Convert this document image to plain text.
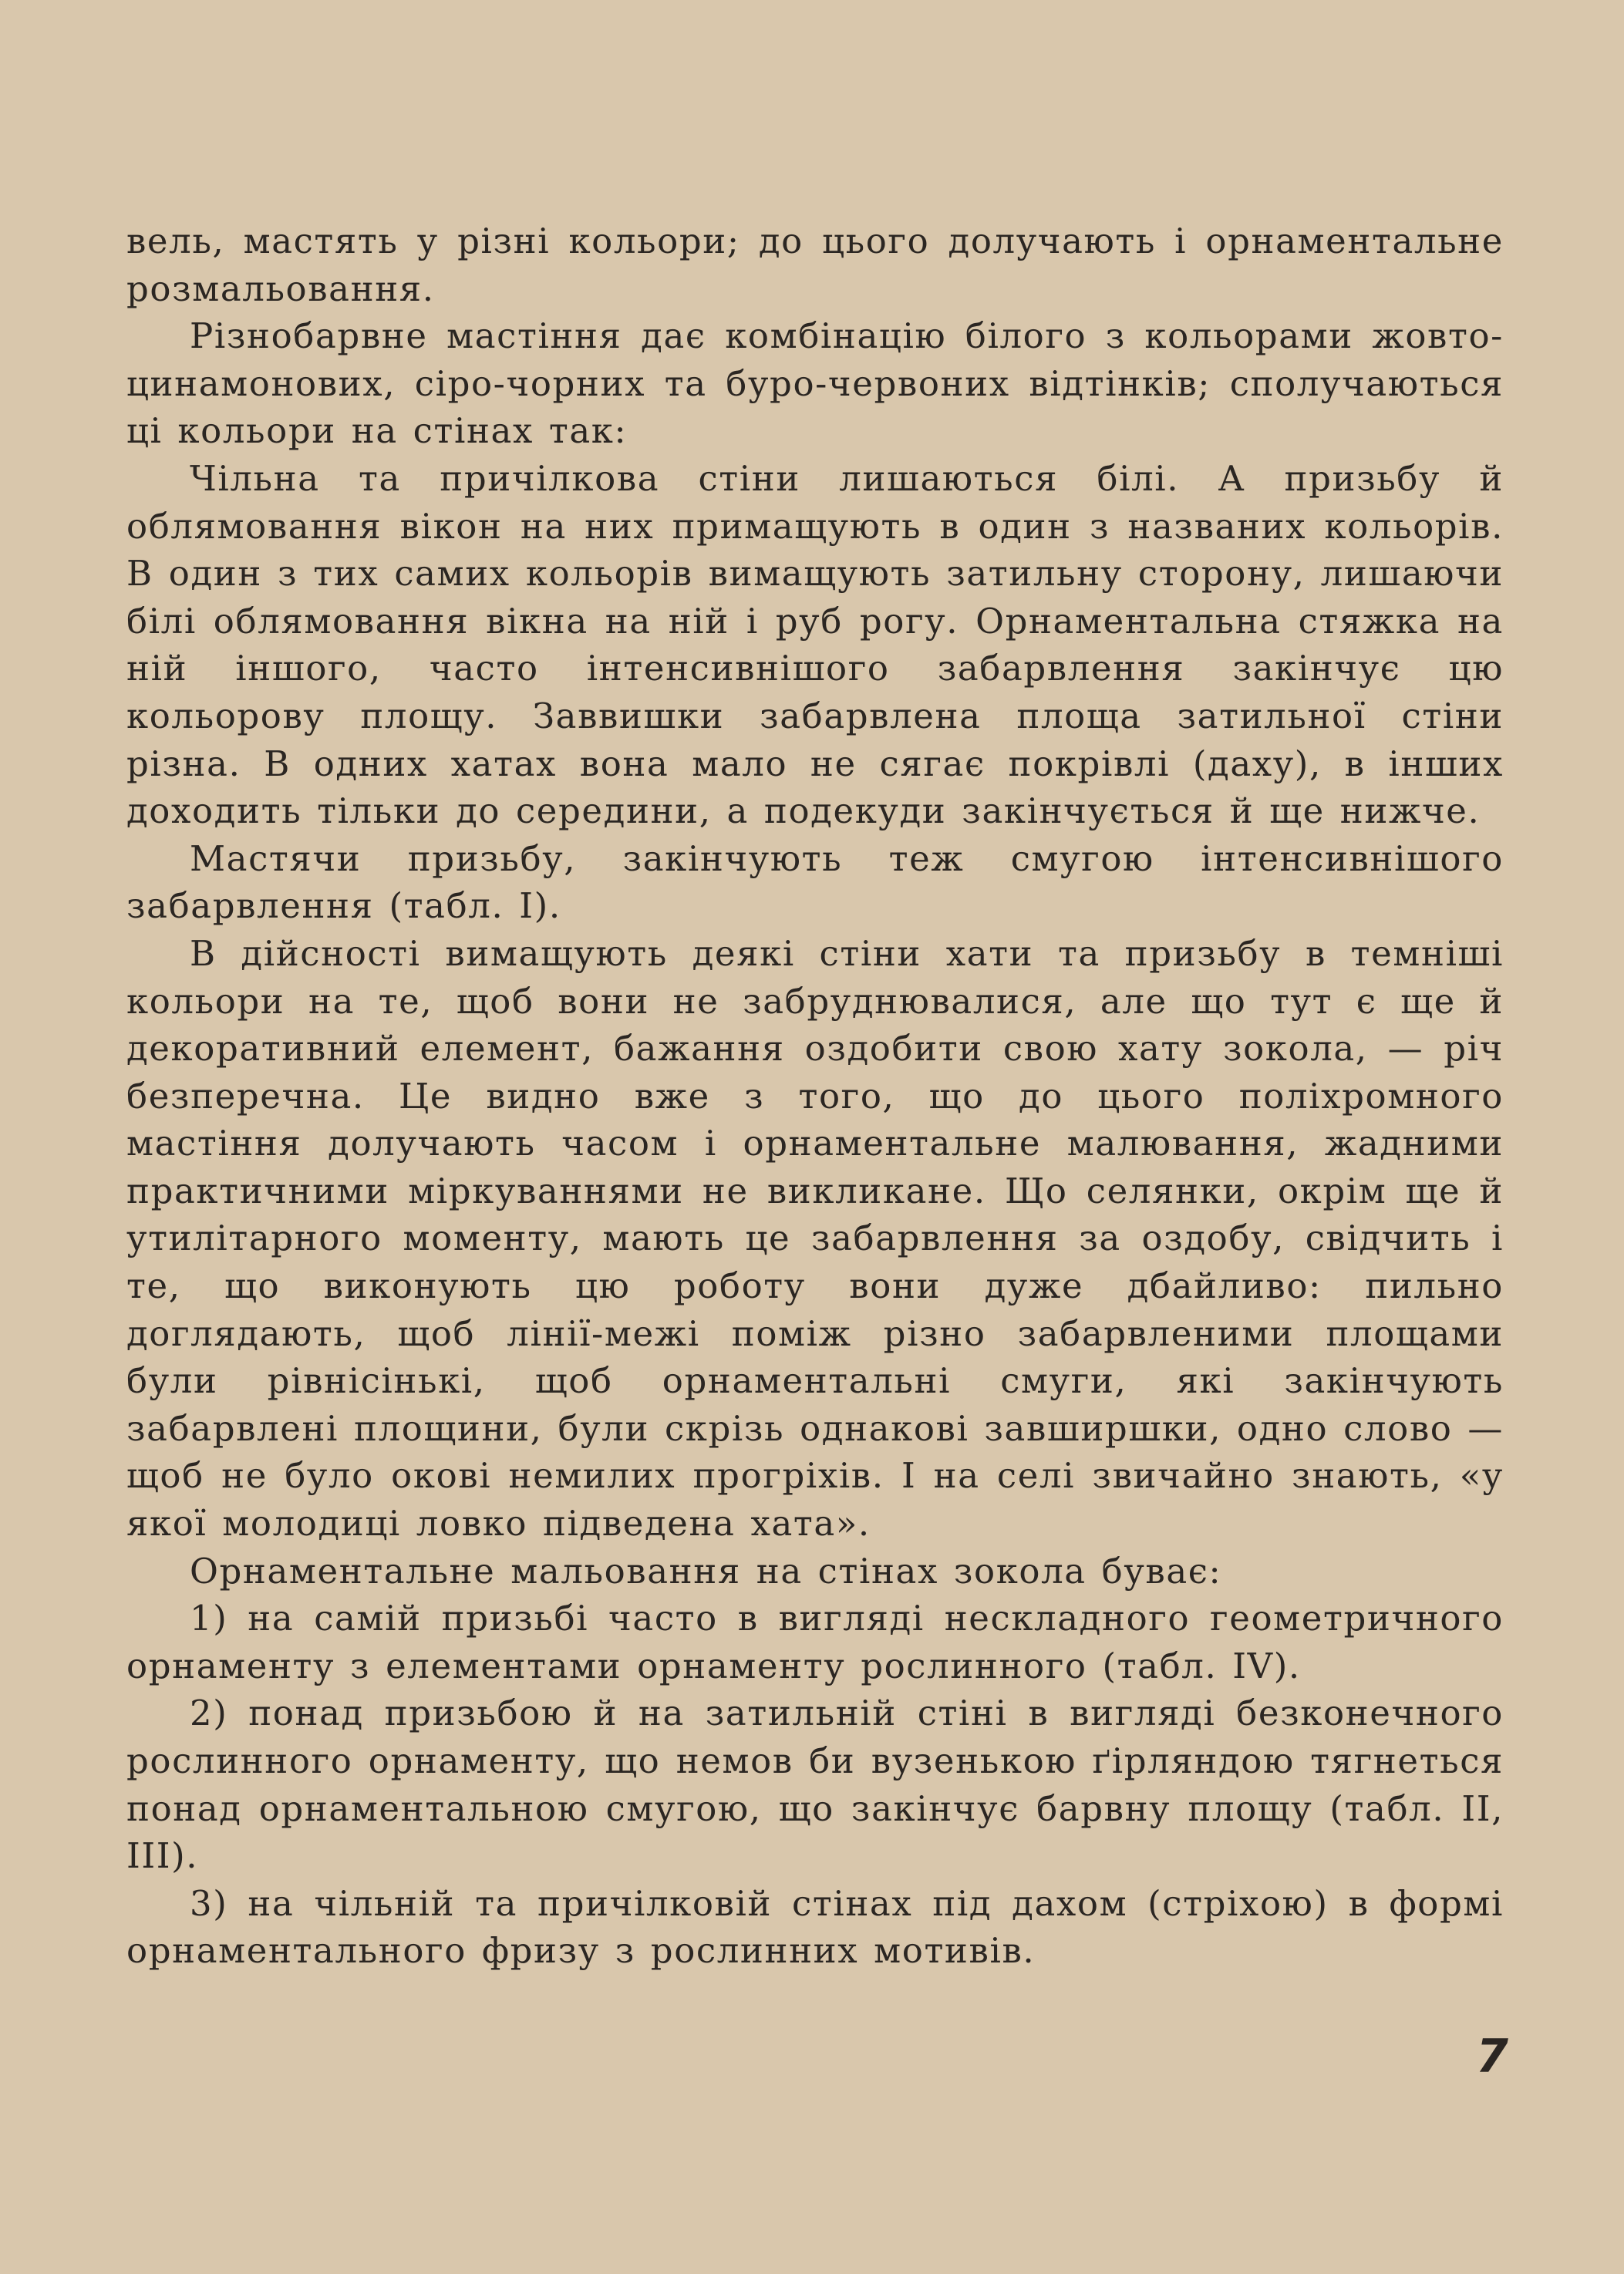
вель, мастять у різні кольори; до цього долучають і орнаментальне розмальовання.

Різнобарвне мастіння дає комбінацію білого з кольорами жовто-цинамонових, сіро-чорних та буро-червоних відтінків; сполучаються ці кольори на стінах так:

Чільна та причілкова стіни лишаються білі. А призьбу й облямовання вікон на них примащують в один з названих кольорів. В один з тих самих кольорів вимащують затильну сторону, лишаючи білі облямовання вікна на ній і руб рогу. Орнаментальна стяжка на ній іншого, часто інтенсивнішого забарвлення закінчує цю кольорову площу. Заввишки забарвлена площа затильної стіни різна. В одних хатах вона мало не сягає покрівлі (даху), в інших доходить тільки до середини, а подекуди закінчується й ще нижче.

Мастячи призьбу, закінчують теж смугою інтенсивнішого забарвлення (табл. I).

В дійсності вимащують деякі стіни хати та призьбу в темніші кольори на те, щоб вони не забруднювалися, але що тут є ще й декоративний елемент, бажання оздобити свою хату зокола, — річ безперечна. Це видно вже з того, що до цього поліхромного мастіння долучають часом і орнаментальне малювання, жадними практичними міркуваннями не викликане. Що селянки, окрім ще й утилітарного моменту, мають це забарвлення за оздобу, свідчить і те, що виконують цю роботу вони дуже дбайливо: пильно доглядають, щоб лінії-межі поміж різно забарвленими площами були рівнісінькі, щоб орнаментальні смуги, які закінчують забарвлені площини, були скрізь однакові завширшки, одно слово — щоб не було окові немилих прогріхів. І на селі звичайно знають, «у якої молодиці ловко підведена хата».

Орнаментальне мальовання на стінах зокола буває:

1) на самій призьбі часто в вигляді нескладного геометричного орнаменту з елементами орнаменту рослинного (табл. IV).

2) понад призьбою й на затильній стіні в вигляді безконечного рослинного орнаменту, що немов би вузенькою ґірляндою тягнеться понад орнаментальною смугою, що закінчує барвну площу (табл. II, III).

3) на чільній та причілковій стінах під дахом (стріхою) в формі орнаментального фризу з рослинних мотивів.

7
